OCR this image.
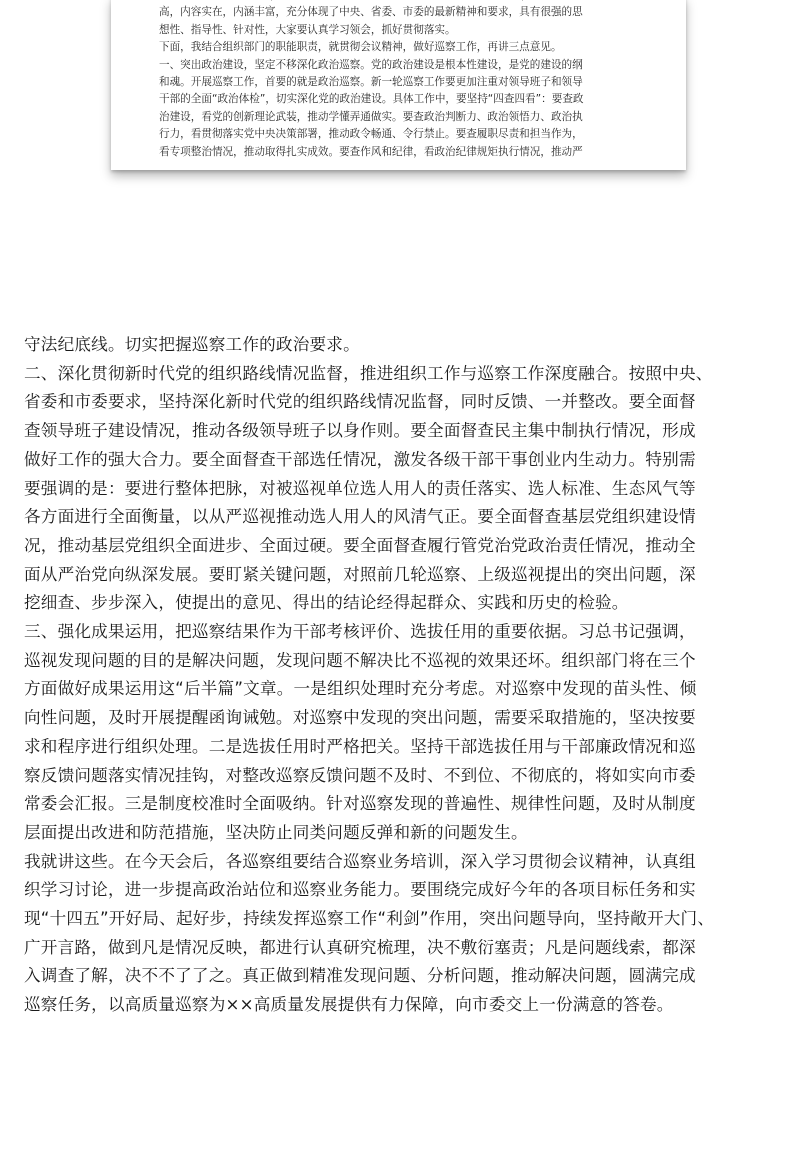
高，内容实在，内涵丰富，充分体现了中央、省委、市委的最新精神和要求，具有很强的思

想性、指导性、针对性，大家要认真学习领会，抓好贯彻落实。

下面，我结合组织部门的职能职责，就贯彻会议精神，做好巡察工作，再讲三点意见。

一、突出政治建设，坚定不移深化政治巡察。党的政治建设是根本性建设，是党的建设的纲

和魂。开展巡察工作，首要的就是政治巡察。新一轮巡察工作要更加注重对领导班子和领导

干部的全面“政治体检”，切实深化党的政治建设。具体工作中，要坚持“四查四看”：要查政

治建设，看党的创新理论武装，推动学懂弄通做实。要查政治判断力、政治领悟力、政治执

行力，看贯彻落实党中央决策部署，推动政令畅通、令行禁止。要查履职尽责和担当作为，

看专项整治情况，推动取得扎实成效。要查作风和纪律，看政治纪律规矩执行情况，推动严

守法纪底线。切实把握巡察工作的政治要求。

二、深化贯彻新时代党的组织路线情况监督，推进组织工作与巡察工作深度融合。按照中央、

省委和市委要求，坚持深化新时代党的组织路线情况监督，同时反馈、一并整改。要全面督

查领导班子建设情况，推动各级领导班子以身作则。要全面督查民主集中制执行情况，形成

做好工作的强大合力。要全面督查干部选任情况，激发各级干部干事创业内生动力。特别需

要强调的是：要进行整体把脉，对被巡视单位选人用人的责任落实、选人标准、生态风气等

各方面进行全面衡量，以从严巡视推动选人用人的风清气正。要全面督查基层党组织建设情

况，推动基层党组织全面进步、全面过硬。要全面督查履行管党治党政治责任情况，推动全

面从严治党向纵深发展。要盯紧关键问题，对照前几轮巡察、上级巡视提出的突出问题，深

挖细查、步步深入，使提出的意见、得出的结论经得起群众、实践和历史的检验。

三、强化成果运用，把巡察结果作为干部考核评价、选拔任用的重要依据。习总书记强调，

巡视发现问题的目的是解决问题，发现问题不解决比不巡视的效果还坏。组织部门将在三个

方面做好成果运用这“后半篇”文章。一是组织处理时充分考虑。对巡察中发现的苗头性、倾

向性问题，及时开展提醒函询诫勉。对巡察中发现的突出问题，需要采取措施的，坚决按要

求和程序进行组织处理。二是选拔任用时严格把关。坚持干部选拔任用与干部廉政情况和巡

察反馈问题落实情况挂钩，对整改巡察反馈问题不及时、不到位、不彻底的，将如实向市委

常委会汇报。三是制度校准时全面吸纳。针对巡察发现的普遍性、规律性问题，及时从制度

层面提出改进和防范措施，坚决防止同类问题反弹和新的问题发生。

我就讲这些。在今天会后，各巡察组要结合巡察业务培训，深入学习贯彻会议精神，认真组

织学习讨论，进一步提高政治站位和巡察业务能力。要围绕完成好今年的各项目标任务和实

现“十四五”开好局、起好步，持续发挥巡察工作“利剑”作用，突出问题导向，坚持敞开大门、

广开言路，做到凡是情况反映，都进行认真研究梳理，决不敷衍塞责；凡是问题线索，都深

入调查了解，决不不了了之。真正做到精准发现问题、分析问题，推动解决问题，圆满完成

巡察任务，以高质量巡察为××高质量发展提供有力保障，向市委交上一份满意的答卷。
